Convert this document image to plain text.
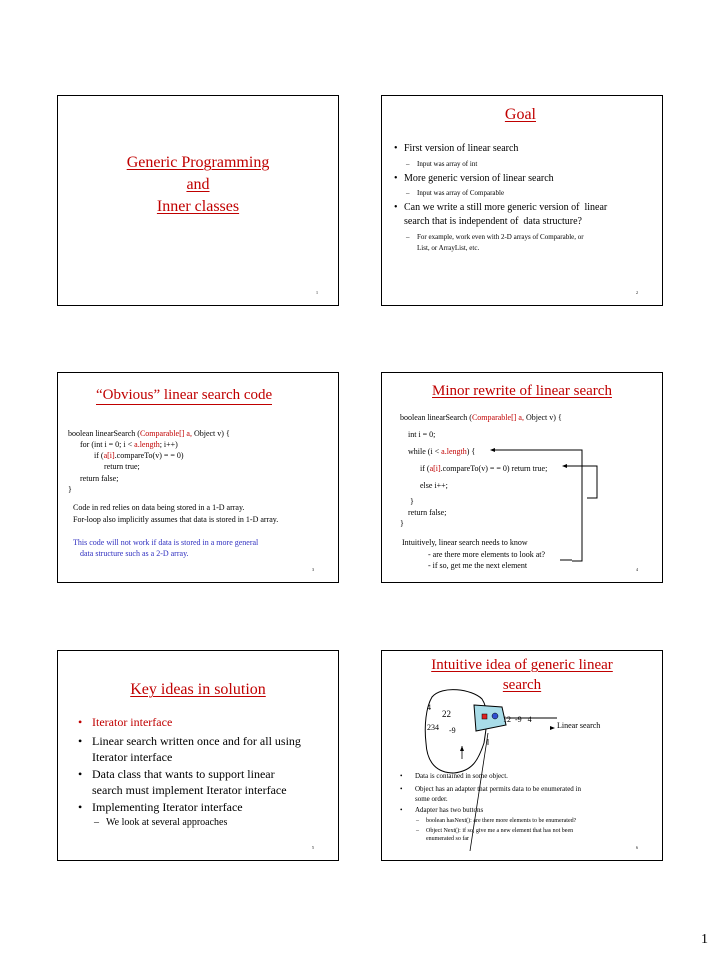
Generic Programming
and
Inner classes
1
Goal
• First version of linear search
– Input was array of int
• More generic version of linear search
– Input was array of Comparable
• Can we write a still more generic version of  linear
search that is independent of  data structure?
– For example, work even with 2-D arrays of Comparable, or
List, or ArrayList, etc.
2
“Obvious” linear search code
boolean linearSearch (Comparable[] a, Object v) {
for (int i = 0; i < a.length; i++)
if (a[i].compareTo(v) = = 0)
return true;
return false;
}
Code in red relies on data being stored in a 1-D array.
For-loop also implicitly assumes that data is stored in 1-D array.
This code will not work if data is stored in a more general
data structure such as a 2-D array.
3
Minor rewrite of linear search
boolean linearSearch (Comparable[] a, Object v) {
int i = 0;
while (i < a.length) {
if (a[i].compareTo(v) = = 0) return true;
else i++;
}
return false;
}
Intuitively, linear search needs to know
- are there more elements to look at?
- if so, get me the next element	4
Key ideas in solution
• Iterator interface
• Linear search written once and for all using
Iterator interface
• Data class that wants to support linear
search must implement Iterator interface
• Implementing Iterator interface
– We look at several approaches
5
Intuitive idea of generic linear
search
4
22
234 -9
12  -9   4
Linear search
• Data is contained in some object.
• Object has an adapter that permits data to be enumerated in
some order.
• Adapter has two buttons
– boolean hasNext(): are there more elements to be enumerated?
– Object Next(): if so, give me a new element that has not been
enumerated so far
6
1
